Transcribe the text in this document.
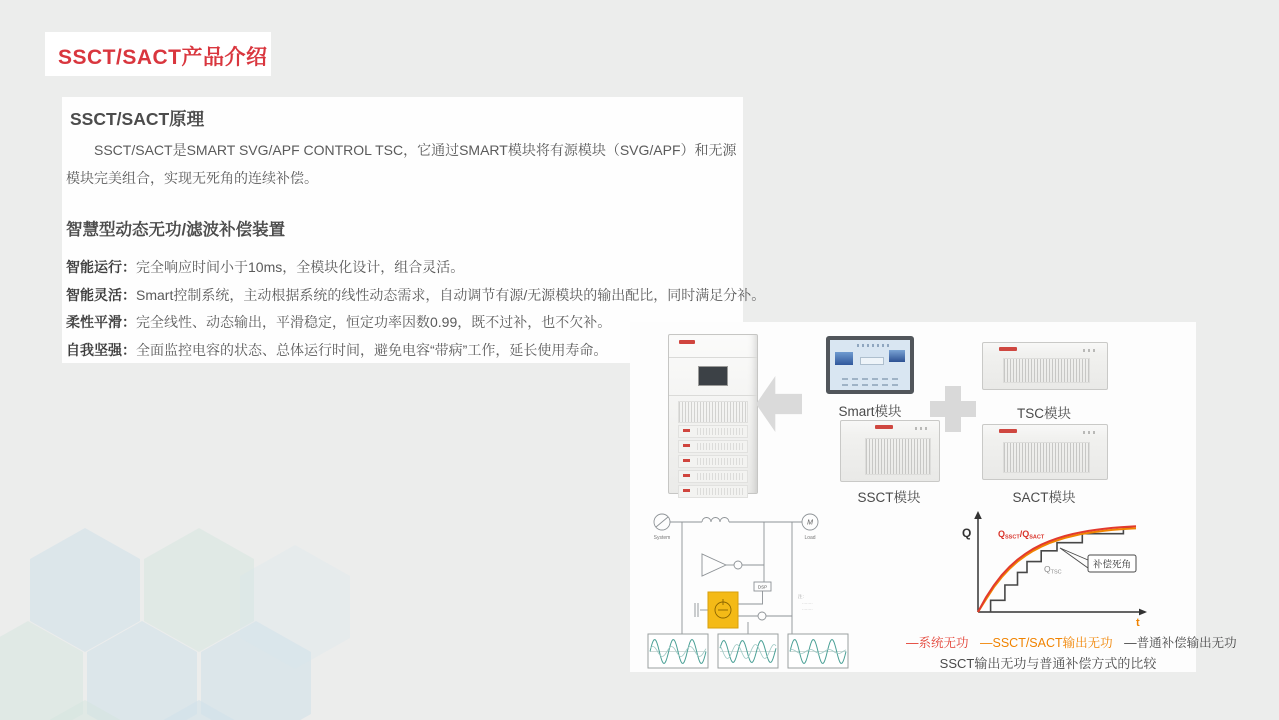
SSCT/SACT产品介绍
SSCT/SACT原理

SSCT/SACT是SMART SVG/APF CONTROL TSC，它通过SMART模块将有源模块（SVG/APF）和无源模块完美组合，实现无死角的连续补偿。

智慧型动态无功/滤波补偿装置
智能运行：完全响应时间小于10ms，全模块化设计，组合灵活。
智能灵活：Smart控制系统，主动根据系统的线性动态需求，自动调节有源/无源模块的输出配比，同时满足分补。
柔性平滑：完全线性、动态输出，平滑稳定，恒定功率因数0.99，既不过补，也不欠补。
自我坚强：全面监控电容的状态、总体运行时间，避免电容“带病”工作，延长使用寿命。
Smart模块	TSC模块
SSCT模块	SACT模块
System
M
Load
DSP
注：
········
········
Q
t
QSSCT/QSACT
QTSC
补偿死角
—系统无功 —SSCT/SACT输出无功 —普通补偿输出无功
SSCT输出无功与普通补偿方式的比较
